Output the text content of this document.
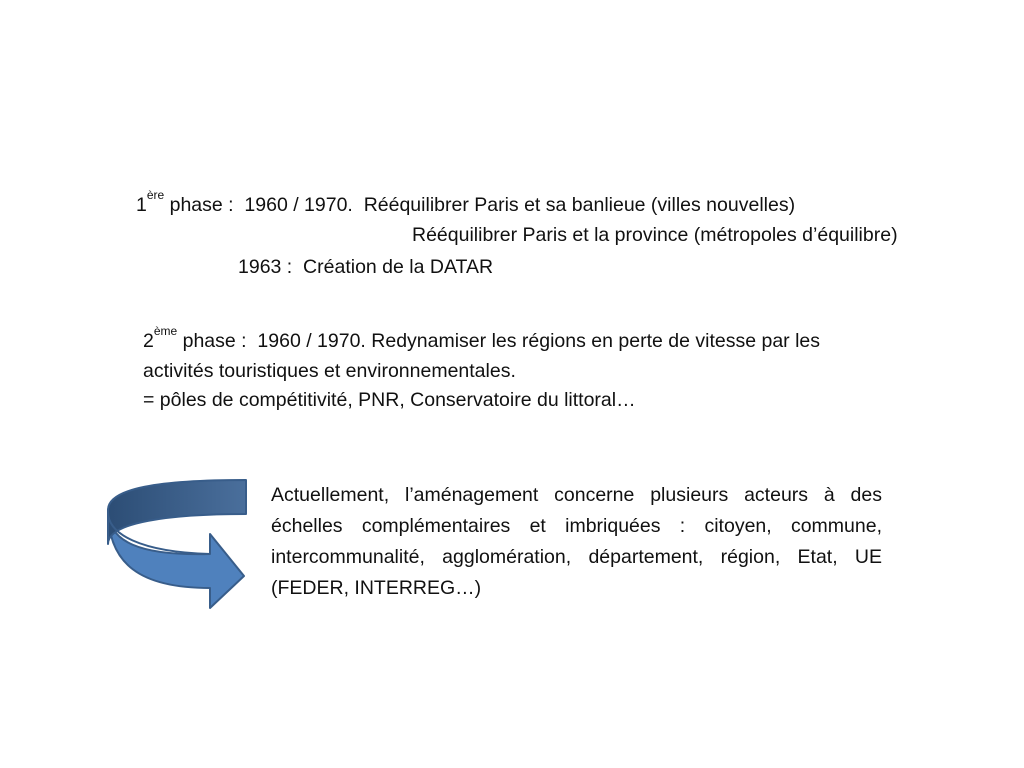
1ère phase :  1960 / 1970.  Rééquilibrer Paris et sa banlieue (villes nouvelles)
Rééquilibrer Paris et la province (métropoles d’équilibre)
1963 :  Création de la DATAR
2ème phase :  1960 / 1970. Redynamiser les régions en perte de vitesse par les
activités touristiques et environnementales.
= pôles de compétitivité, PNR, Conservatoire du littoral…
Actuellement, l’aménagement concerne plusieurs acteurs à des échelles complémentaires et imbriquées : citoyen, commune, intercommunalité, agglomération, département, région, Etat, UE (FEDER, INTERREG…)
